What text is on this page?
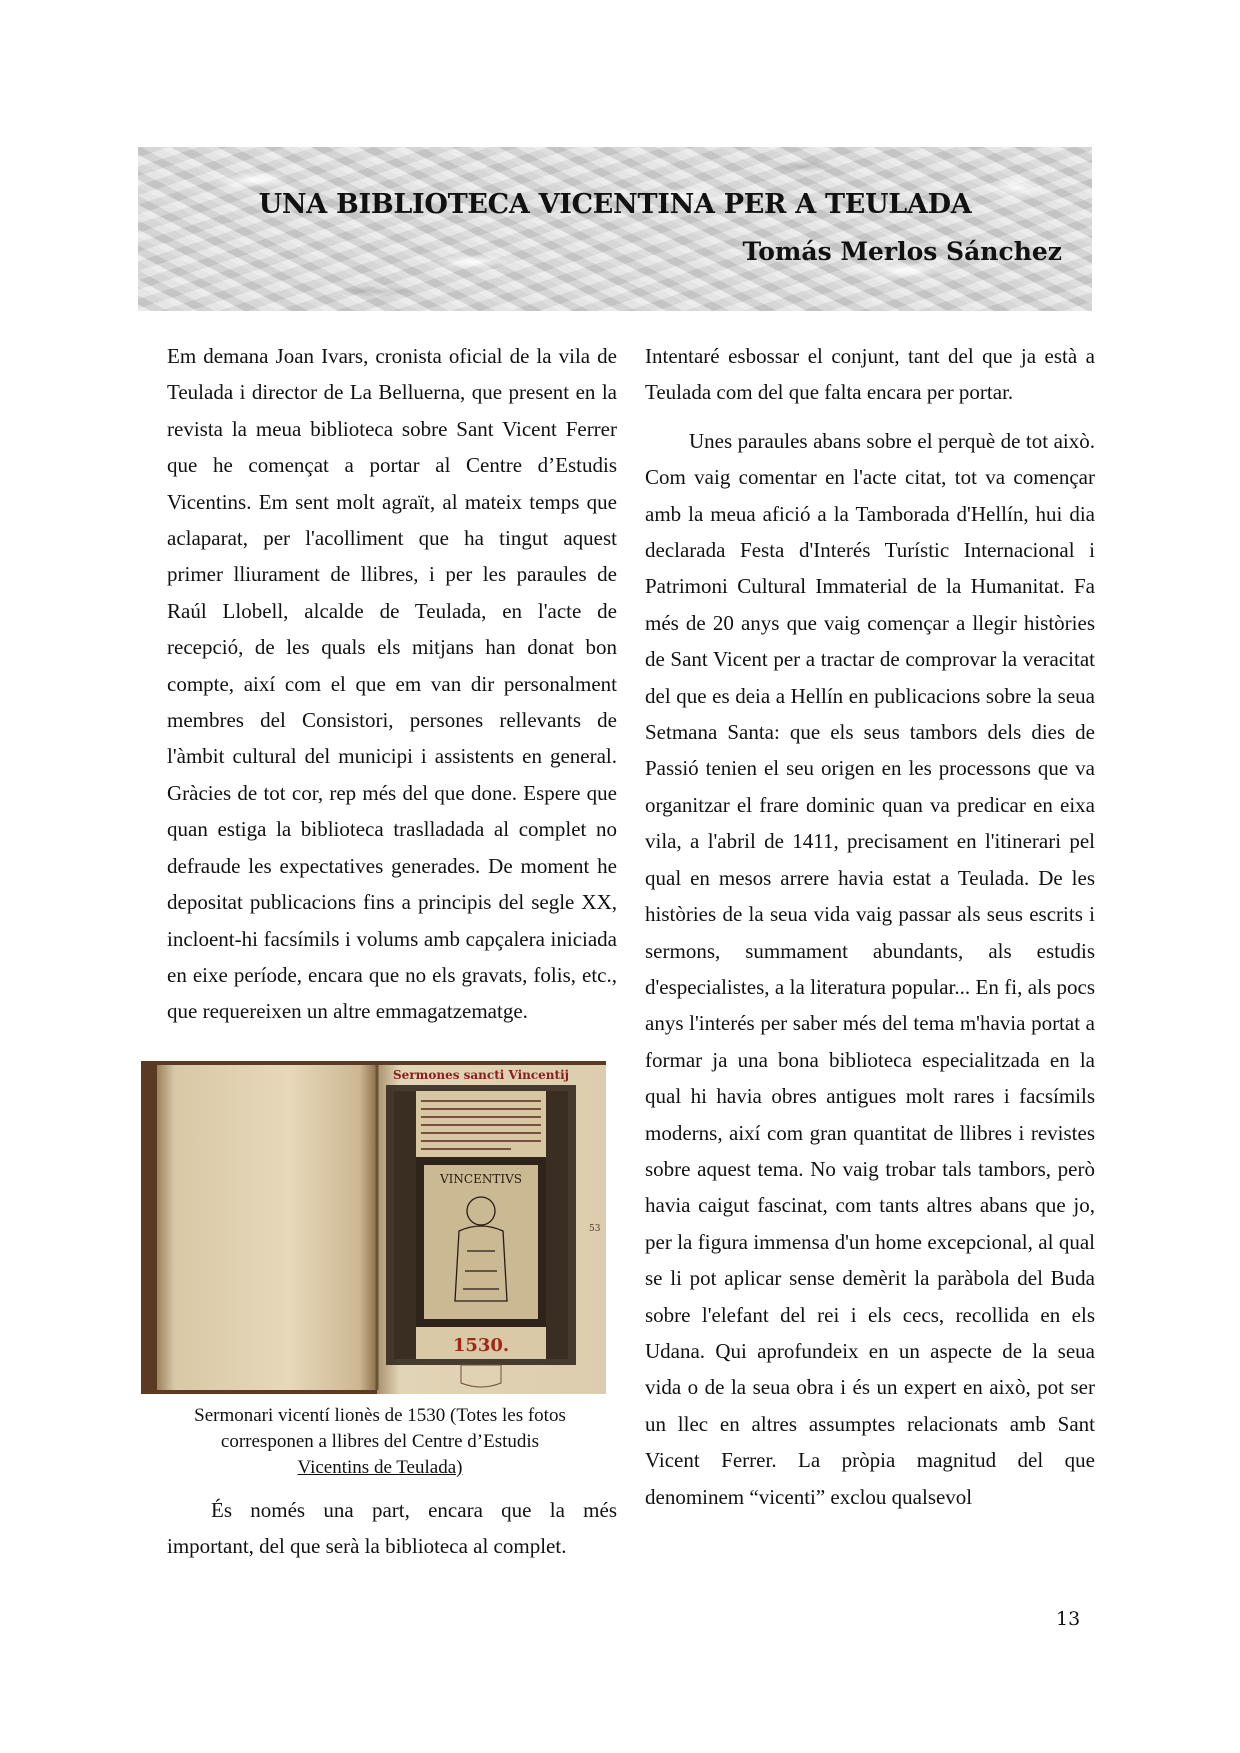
UNA BIBLIOTECA VICENTINA PER A TEULADA
Tomás Merlos Sánchez

Em demana Joan Ivars, cronista oficial de la vila de Teulada i director de La Belluerna, que present en la revista la meua biblioteca sobre Sant Vicent Ferrer que he començat a portar al Centre d’Estudis Vicentins. Em sent molt agraït, al mateix temps que aclaparat, per l'acolliment que ha tingut aquest primer lliurament de llibres, i per les paraules de Raúl Llobell, alcalde de Teulada, en l'acte de recepció, de les quals els mitjans han donat bon compte, així com el que em van dir personalment membres del Consistori, persones rellevants de l'àmbit cultural del municipi i assistents en general. Gràcies de tot cor, rep més del que done. Espere que quan estiga la biblioteca traslladada al complet no defraude les expectatives generades. De moment he depositat publicacions fins a principis del segle XX, incloent-hi facsímils i volums amb capçalera iniciada en eixe període, encara que no els gravats, folis, etc., que requereixen un altre emmagatzematge.

Sermones sancti Vincentij
VINCENTIVS
1530.
53
Sermonari vicentí lionès de 1530 (Totes les fotos
corresponen a llibres del Centre d’Estudis
Vicentins de Teulada)

És només una part, encara que la més important, del que serà la biblioteca al complet.

Intentaré esbossar el conjunt, tant del que ja està a Teulada com del que falta encara per portar.

Unes paraules abans sobre el perquè de tot això. Com vaig comentar en l'acte citat, tot va començar amb la meua afició a la Tamborada d'Hellín, hui dia declarada Festa d'Interés Turístic Internacional i Patrimoni Cultural Immaterial de la Humanitat. Fa més de 20 anys que vaig començar a llegir històries de Sant Vicent per a tractar de comprovar la veracitat del que es deia a Hellín en publicacions sobre la seua Setmana Santa: que els seus tambors dels dies de Passió tenien el seu origen en les processons que va organitzar el frare dominic quan va predicar en eixa vila, a l'abril de 1411, precisament en l'itinerari pel qual en mesos arrere havia estat a Teulada. De les històries de la seua vida vaig passar als seus escrits i sermons, summament abundants, als estudis d'especialistes, a la literatura popular... En fi, als pocs anys l'interés per saber més del tema m'havia portat a formar ja una bona biblioteca especialitzada en la qual hi havia obres antigues molt rares i facsímils moderns, així com gran quantitat de llibres i revistes sobre aquest tema. No vaig trobar tals tambors, però havia caigut fascinat, com tants altres abans que jo, per la figura immensa d'un home excepcional, al qual se li pot aplicar sense demèrit la paràbola del Buda sobre l'elefant del rei i els cecs, recollida en els Udana. Qui aprofundeix en un aspecte de la seua vida o de la seua obra i és un expert en això, pot ser un llec en altres assumptes relacionats amb Sant Vicent Ferrer. La pròpia magnitud del que denominem “vicenti” exclou qualsevol

13
